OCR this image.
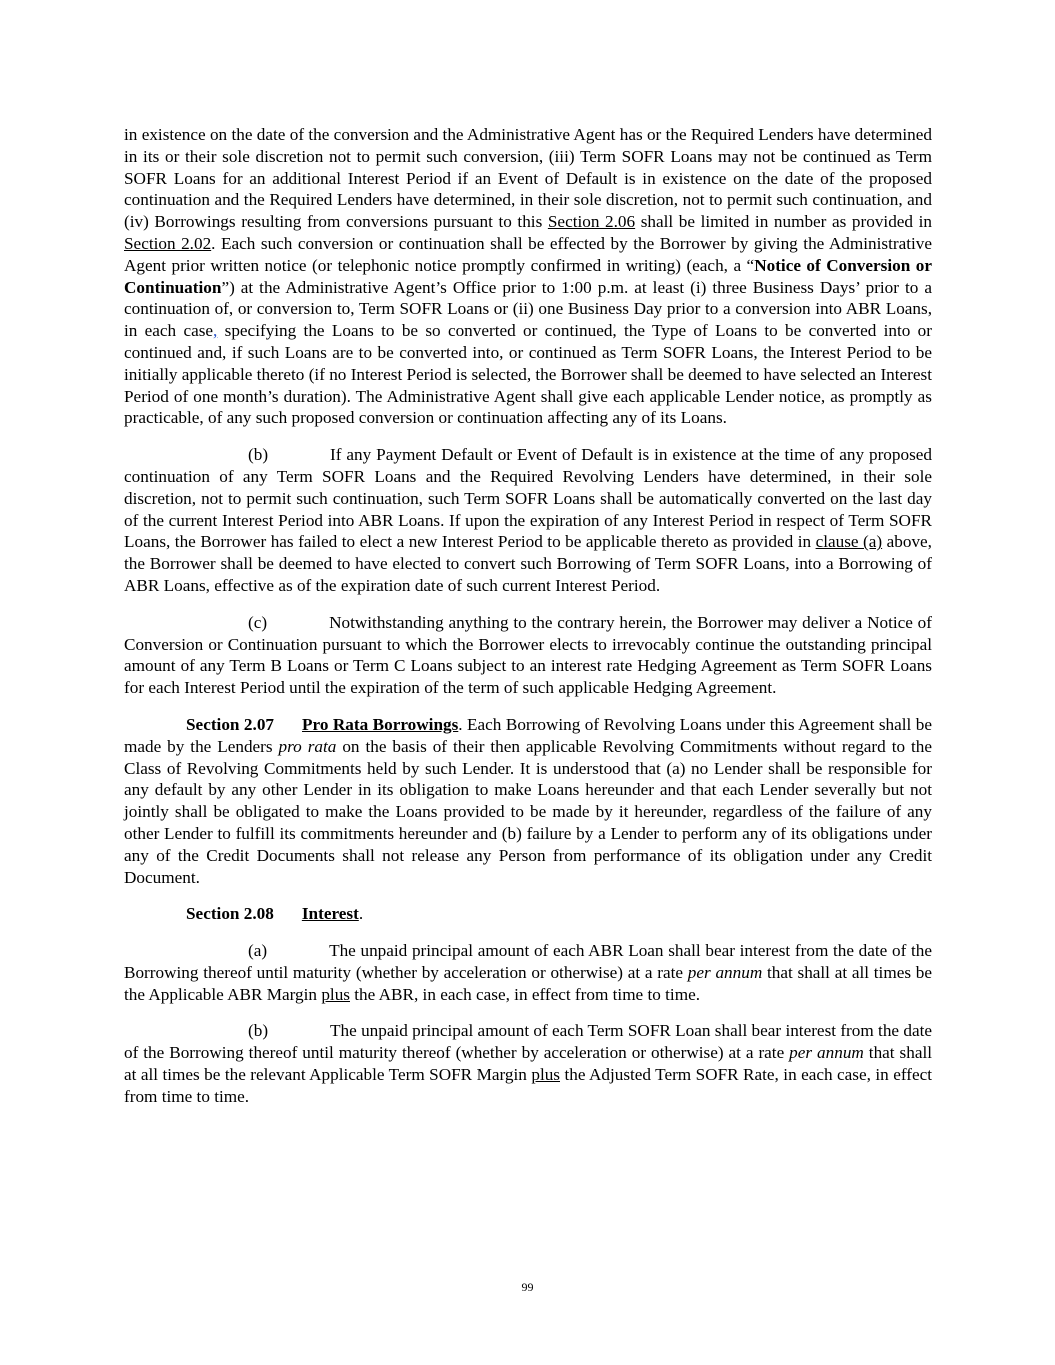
in existence on the date of the conversion and the Administrative Agent has or the Required Lenders have determined in its or their sole discretion not to permit such conversion, (iii) Term SOFR Loans may not be continued as Term SOFR Loans for an additional Interest Period if an Event of Default is in existence on the date of the proposed continuation and the Required Lenders have determined, in their sole discretion, not to permit such continuation, and (iv) Borrowings resulting from conversions pursuant to this Section 2.06 shall be limited in number as provided in Section 2.02. Each such conversion or continuation shall be effected by the Borrower by giving the Administrative Agent prior written notice (or telephonic notice promptly confirmed in writing) (each, a “Notice of Conversion or Continuation”) at the Administrative Agent’s Office prior to 1:00 p.m. at least (i) three Business Days’ prior to a continuation of, or conversion to, Term SOFR Loans or (ii) one Business Day prior to a conversion into ABR Loans, in each case, specifying the Loans to be so converted or continued, the Type of Loans to be converted into or continued and, if such Loans are to be converted into, or continued as Term SOFR Loans, the Interest Period to be initially applicable thereto (if no Interest Period is selected, the Borrower shall be deemed to have selected an Interest Period of one month’s duration). The Administrative Agent shall give each applicable Lender notice, as promptly as practicable, of any such proposed conversion or continuation affecting any of its Loans.

(b)	If any Payment Default or Event of Default is in existence at the time of any proposed continuation of any Term SOFR Loans and the Required Revolving Lenders have determined, in their sole discretion, not to permit such continuation, such Term SOFR Loans shall be automatically converted on the last day of the current Interest Period into ABR Loans. If upon the expiration of any Interest Period in respect of Term SOFR Loans, the Borrower has failed to elect a new Interest Period to be applicable thereto as provided in clause (a) above, the Borrower shall be deemed to have elected to convert such Borrowing of Term SOFR Loans, into a Borrowing of ABR Loans, effective as of the expiration date of such current Interest Period.

(c)	Notwithstanding anything to the contrary herein, the Borrower may deliver a Notice of Conversion or Continuation pursuant to which the Borrower elects to irrevocably continue the outstanding principal amount of any Term B Loans or Term C Loans subject to an interest rate Hedging Agreement as Term SOFR Loans for each Interest Period until the expiration of the term of such applicable Hedging Agreement.

Section 2.07 Pro Rata Borrowings. Each Borrowing of Revolving Loans under this Agreement shall be made by the Lenders pro rata on the basis of their then applicable Revolving Commitments without regard to the Class of Revolving Commitments held by such Lender. It is understood that (a) no Lender shall be responsible for any default by any other Lender in its obligation to make Loans hereunder and that each Lender severally but not jointly shall be obligated to make the Loans provided to be made by it hereunder, regardless of the failure of any other Lender to fulfill its commitments hereunder and (b) failure by a Lender to perform any of its obligations under any of the Credit Documents shall not release any Person from performance of its obligation under any Credit Document.

Section 2.08 Interest.

(a)	The unpaid principal amount of each ABR Loan shall bear interest from the date of the Borrowing thereof until maturity (whether by acceleration or otherwise) at a rate per annum that shall at all times be the Applicable ABR Margin plus the ABR, in each case, in effect from time to time.

(b)	The unpaid principal amount of each Term SOFR Loan shall bear interest from the date of the Borrowing thereof until maturity thereof (whether by acceleration or otherwise) at a rate per annum that shall at all times be the relevant Applicable Term SOFR Margin plus the Adjusted Term SOFR Rate, in each case, in effect from time to time.

99
